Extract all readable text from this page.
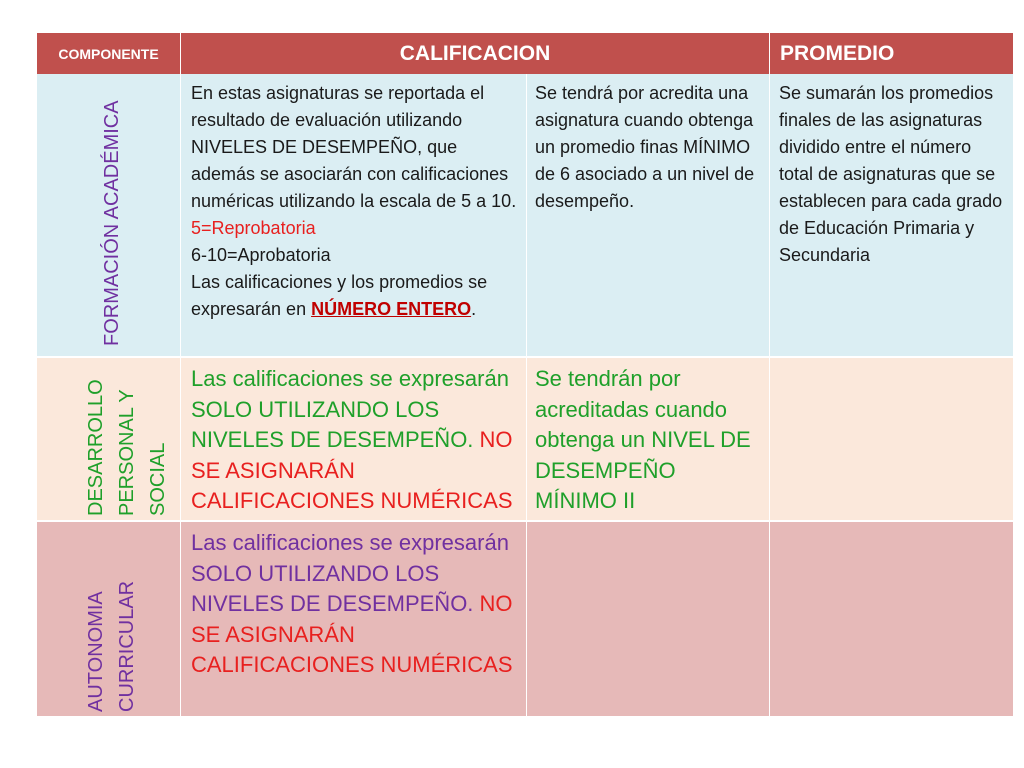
COMPONENTE	CALIFICACION	PROMEDIO
FORMACIÓN ACADÉMICA

En estas asignaturas se reportada el resultado de evaluación utilizando NIVELES DE DESEMPEÑO, que además se asociarán con calificaciones numéricas utilizando la escala de 5 a 10.

5=Reprobatoria

6-10=Aprobatoria

Las calificaciones y los promedios se expresarán en NÚMERO ENTERO.

Se tendrá por acredita una asignatura cuando obtenga un promedio finas MÍNIMO de 6 asociado a un nivel de desempeño.

Se sumarán los promedios finales de las asignaturas dividido entre el número total de asignaturas que se establecen para cada grado de Educación Primaria y Secundaria

DESARROLLO
PERSONAL Y
SOCIAL

Las calificaciones se expresarán SOLO UTILIZANDO LOS NIVELES DE DESEMPEÑO. NO SE ASIGNARÁN CALIFICACIONES NUMÉRICAS

Se tendrán por acreditadas cuando obtenga un NIVEL DE DESEMPEÑO MÍNIMO II

AUTONOMIA
CURRICULAR

Las calificaciones se expresarán SOLO UTILIZANDO LOS NIVELES DE DESEMPEÑO. NO SE ASIGNARÁN CALIFICACIONES NUMÉRICAS
